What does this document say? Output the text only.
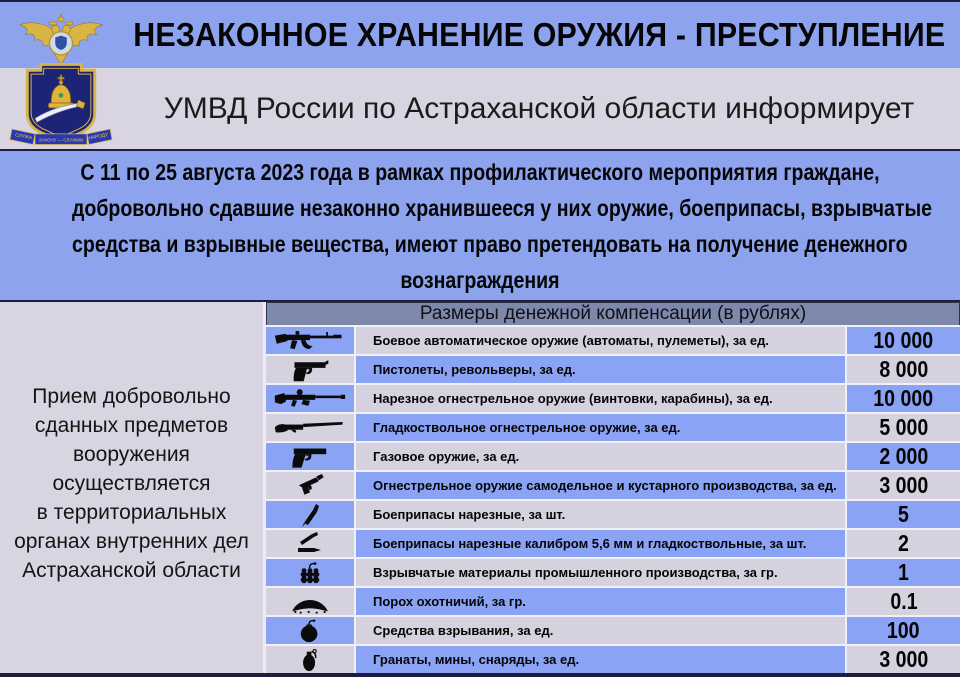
СЛУЖА ЗАКОНУ — СЛУЖИМ НАРОДУ
НЕЗАКОННОЕ ХРАНЕНИЕ ОРУЖИЯ - ПРЕСТУПЛЕНИЕ
УМВД России по Астраханской области информирует
С 11 по 25 августа 2023 года в рамках профилактического мероприятия граждане,
добровольно сдавшие незаконно хранившееся у них оружие, боеприпасы, взрывчатые
средства и взрывные вещества, имеют право претендовать на получение денежного
вознаграждения
Прием добровольно
сданных предметов
вооружения
осуществляется
в территориальных
органах внутренних дел
Астраханской области
Размеры денежной компенсации (в рублях)
Боевое автоматическое оружие (автоматы, пулеметы), за ед.	10 000
Пистолеты, револьверы, за ед.	8 000
Нарезное огнестрельное оружие (винтовки, карабины), за ед.	10 000
Гладкоствольное огнестрельное оружие, за ед.	5 000
Газовое оружие, за ед.	2 000
Огнестрельное оружие самодельное и кустарного производства, за ед. 3 000
Боеприпасы нарезные, за шт.	5
Боеприпасы нарезные калибром 5,6 мм и гладкоствольные, за шт.	2
Взрывчатые материалы промышленного производства, за гр.	1
Порох охотничий, за гр.	0.1
Средства взрывания, за ед.	100
Гранаты, мины, снаряды, за ед.	3 000
